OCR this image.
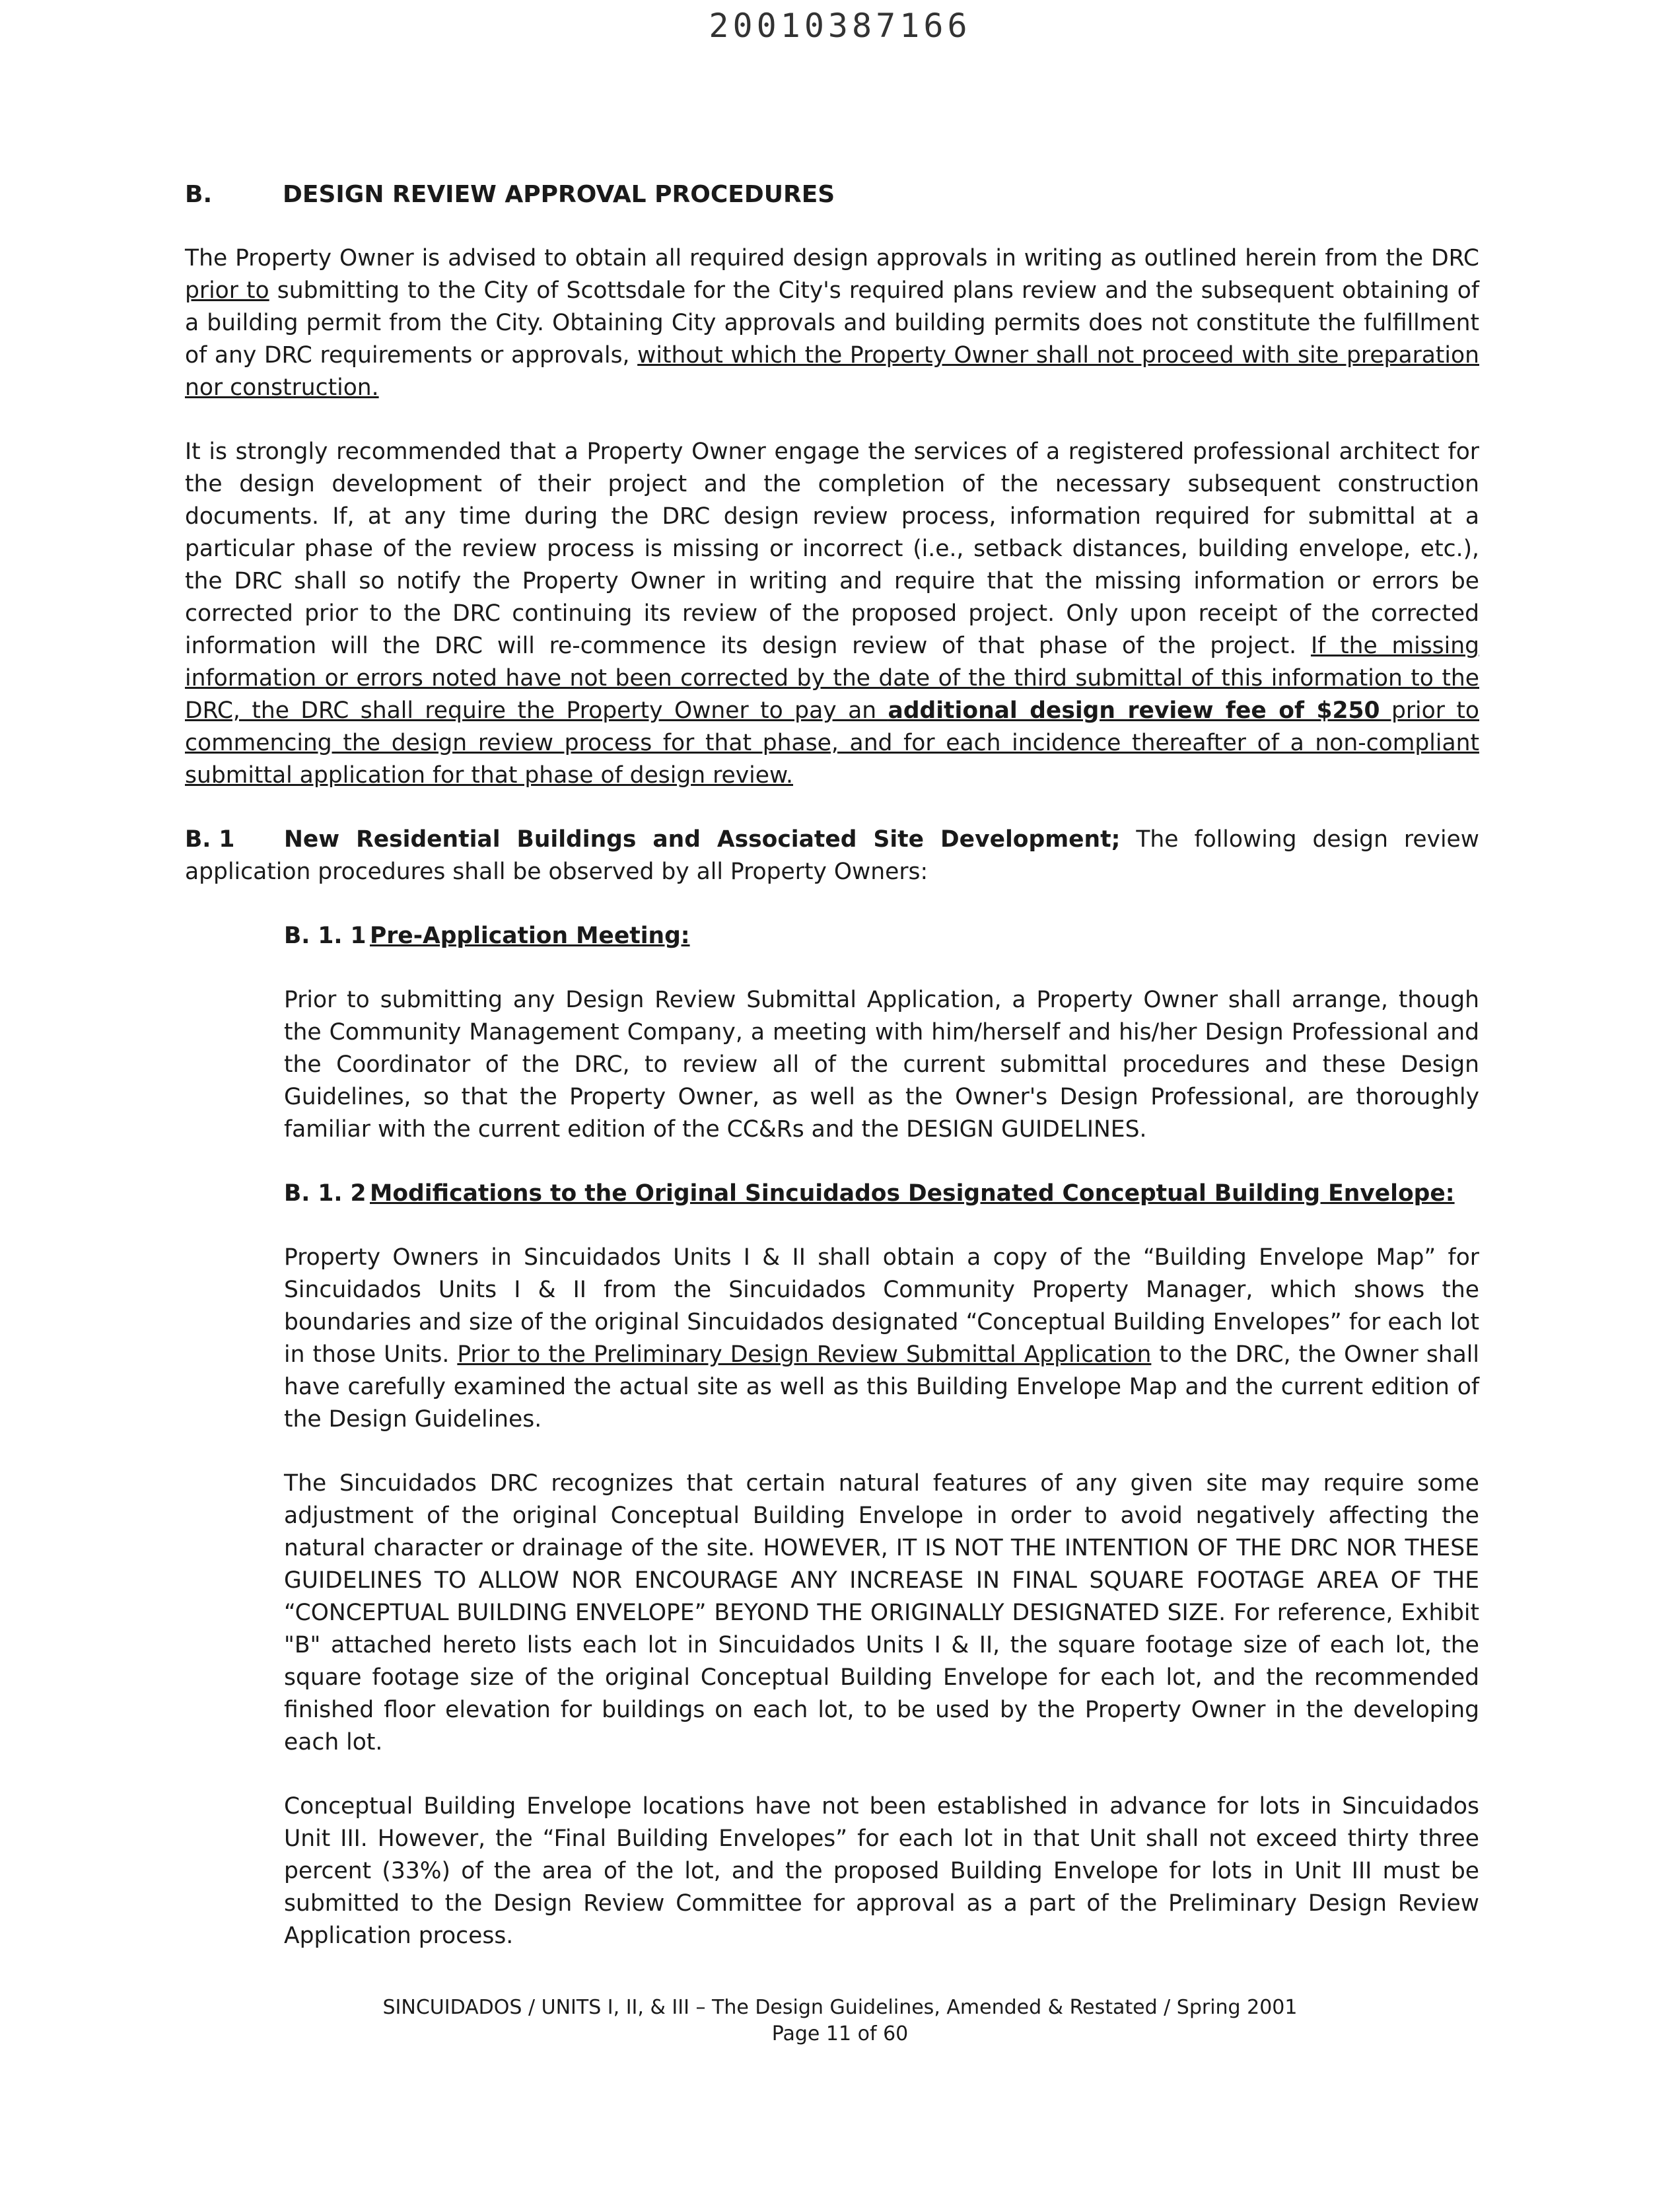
20010387166
B.	DESIGN REVIEW APPROVAL PROCEDURES

The Property Owner is advised to obtain all required design approvals in writing as outlined herein from the DRC prior to submitting to the City of Scottsdale for the City's required plans review and the subsequent obtaining of a building permit from the City. Obtaining City approvals and building permits does not constitute the fulfillment of any DRC requirements or approvals, without which the Property Owner shall not proceed with site preparation nor construction.

It is strongly recommended that a Property Owner engage the services of a registered professional architect for the design development of their project and the completion of the necessary subsequent construction documents. If, at any time during the DRC design review process, information required for submittal at a particular phase of the review process is missing or incorrect (i.e., setback distances, building envelope, etc.), the DRC shall so notify the Property Owner in writing and require that the missing information or errors be corrected prior to the DRC continuing its review of the proposed project. Only upon receipt of the corrected information will the DRC will re-commence its design review of that phase of the project. If the missing information or errors noted have not been corrected by the date of the third submittal of this information to the DRC, the DRC shall require the Property Owner to pay an additional design review fee of $250 prior to commencing the design review process for that phase, and for each incidence thereafter of a non-compliant submittal application for that phase of design review.

B. 1 New Residential Buildings and Associated Site Development; The following design review application procedures shall be observed by all Property Owners:

B. 1. 1 Pre-Application Meeting:

Prior to submitting any Design Review Submittal Application, a Property Owner shall arrange, though the Community Management Company, a meeting with him/herself and his/her Design Professional and the Coordinator of the DRC, to review all of the current submittal procedures and these Design Guidelines, so that the Property Owner, as well as the Owner's Design Professional, are thoroughly familiar with the current edition of the CC&Rs and the DESIGN GUIDELINES.

B. 1. 2 Modifications to the Original Sincuidados Designated Conceptual Building Envelope:

Property Owners in Sincuidados Units I & II shall obtain a copy of the “Building Envelope Map” for Sincuidados Units I & II from the Sincuidados Community Property Manager, which shows the boundaries and size of the original Sincuidados designated “Conceptual Building Envelopes” for each lot in those Units. Prior to the Preliminary Design Review Submittal Application to the DRC, the Owner shall have carefully examined the actual site as well as this Building Envelope Map and the current edition of the Design Guidelines.

The Sincuidados DRC recognizes that certain natural features of any given site may require some adjustment of the original Conceptual Building Envelope in order to avoid negatively affecting the natural character or drainage of the site. HOWEVER, IT IS NOT THE INTENTION OF THE DRC NOR THESE GUIDELINES TO ALLOW NOR ENCOURAGE ANY INCREASE IN FINAL SQUARE FOOTAGE AREA OF THE “CONCEPTUAL BUILDING ENVELOPE” BEYOND THE ORIGINALLY DESIGNATED SIZE. For reference, Exhibit "B" attached hereto lists each lot in Sincuidados Units I & II, the square footage size of each lot, the square footage size of the original Conceptual Building Envelope for each lot, and the recommended finished floor elevation for buildings on each lot, to be used by the Property Owner in the developing each lot.

Conceptual Building Envelope locations have not been established in advance for lots in Sincuidados Unit III. However, the “Final Building Envelopes” for each lot in that Unit shall not exceed thirty three percent (33%) of the area of the lot, and the proposed Building Envelope for lots in Unit III must be submitted to the Design Review Committee for approval as a part of the Preliminary Design Review Application process.

SINCUIDADOS / UNITS I, II, & III – The Design Guidelines, Amended & Restated / Spring 2001
Page 11 of 60
